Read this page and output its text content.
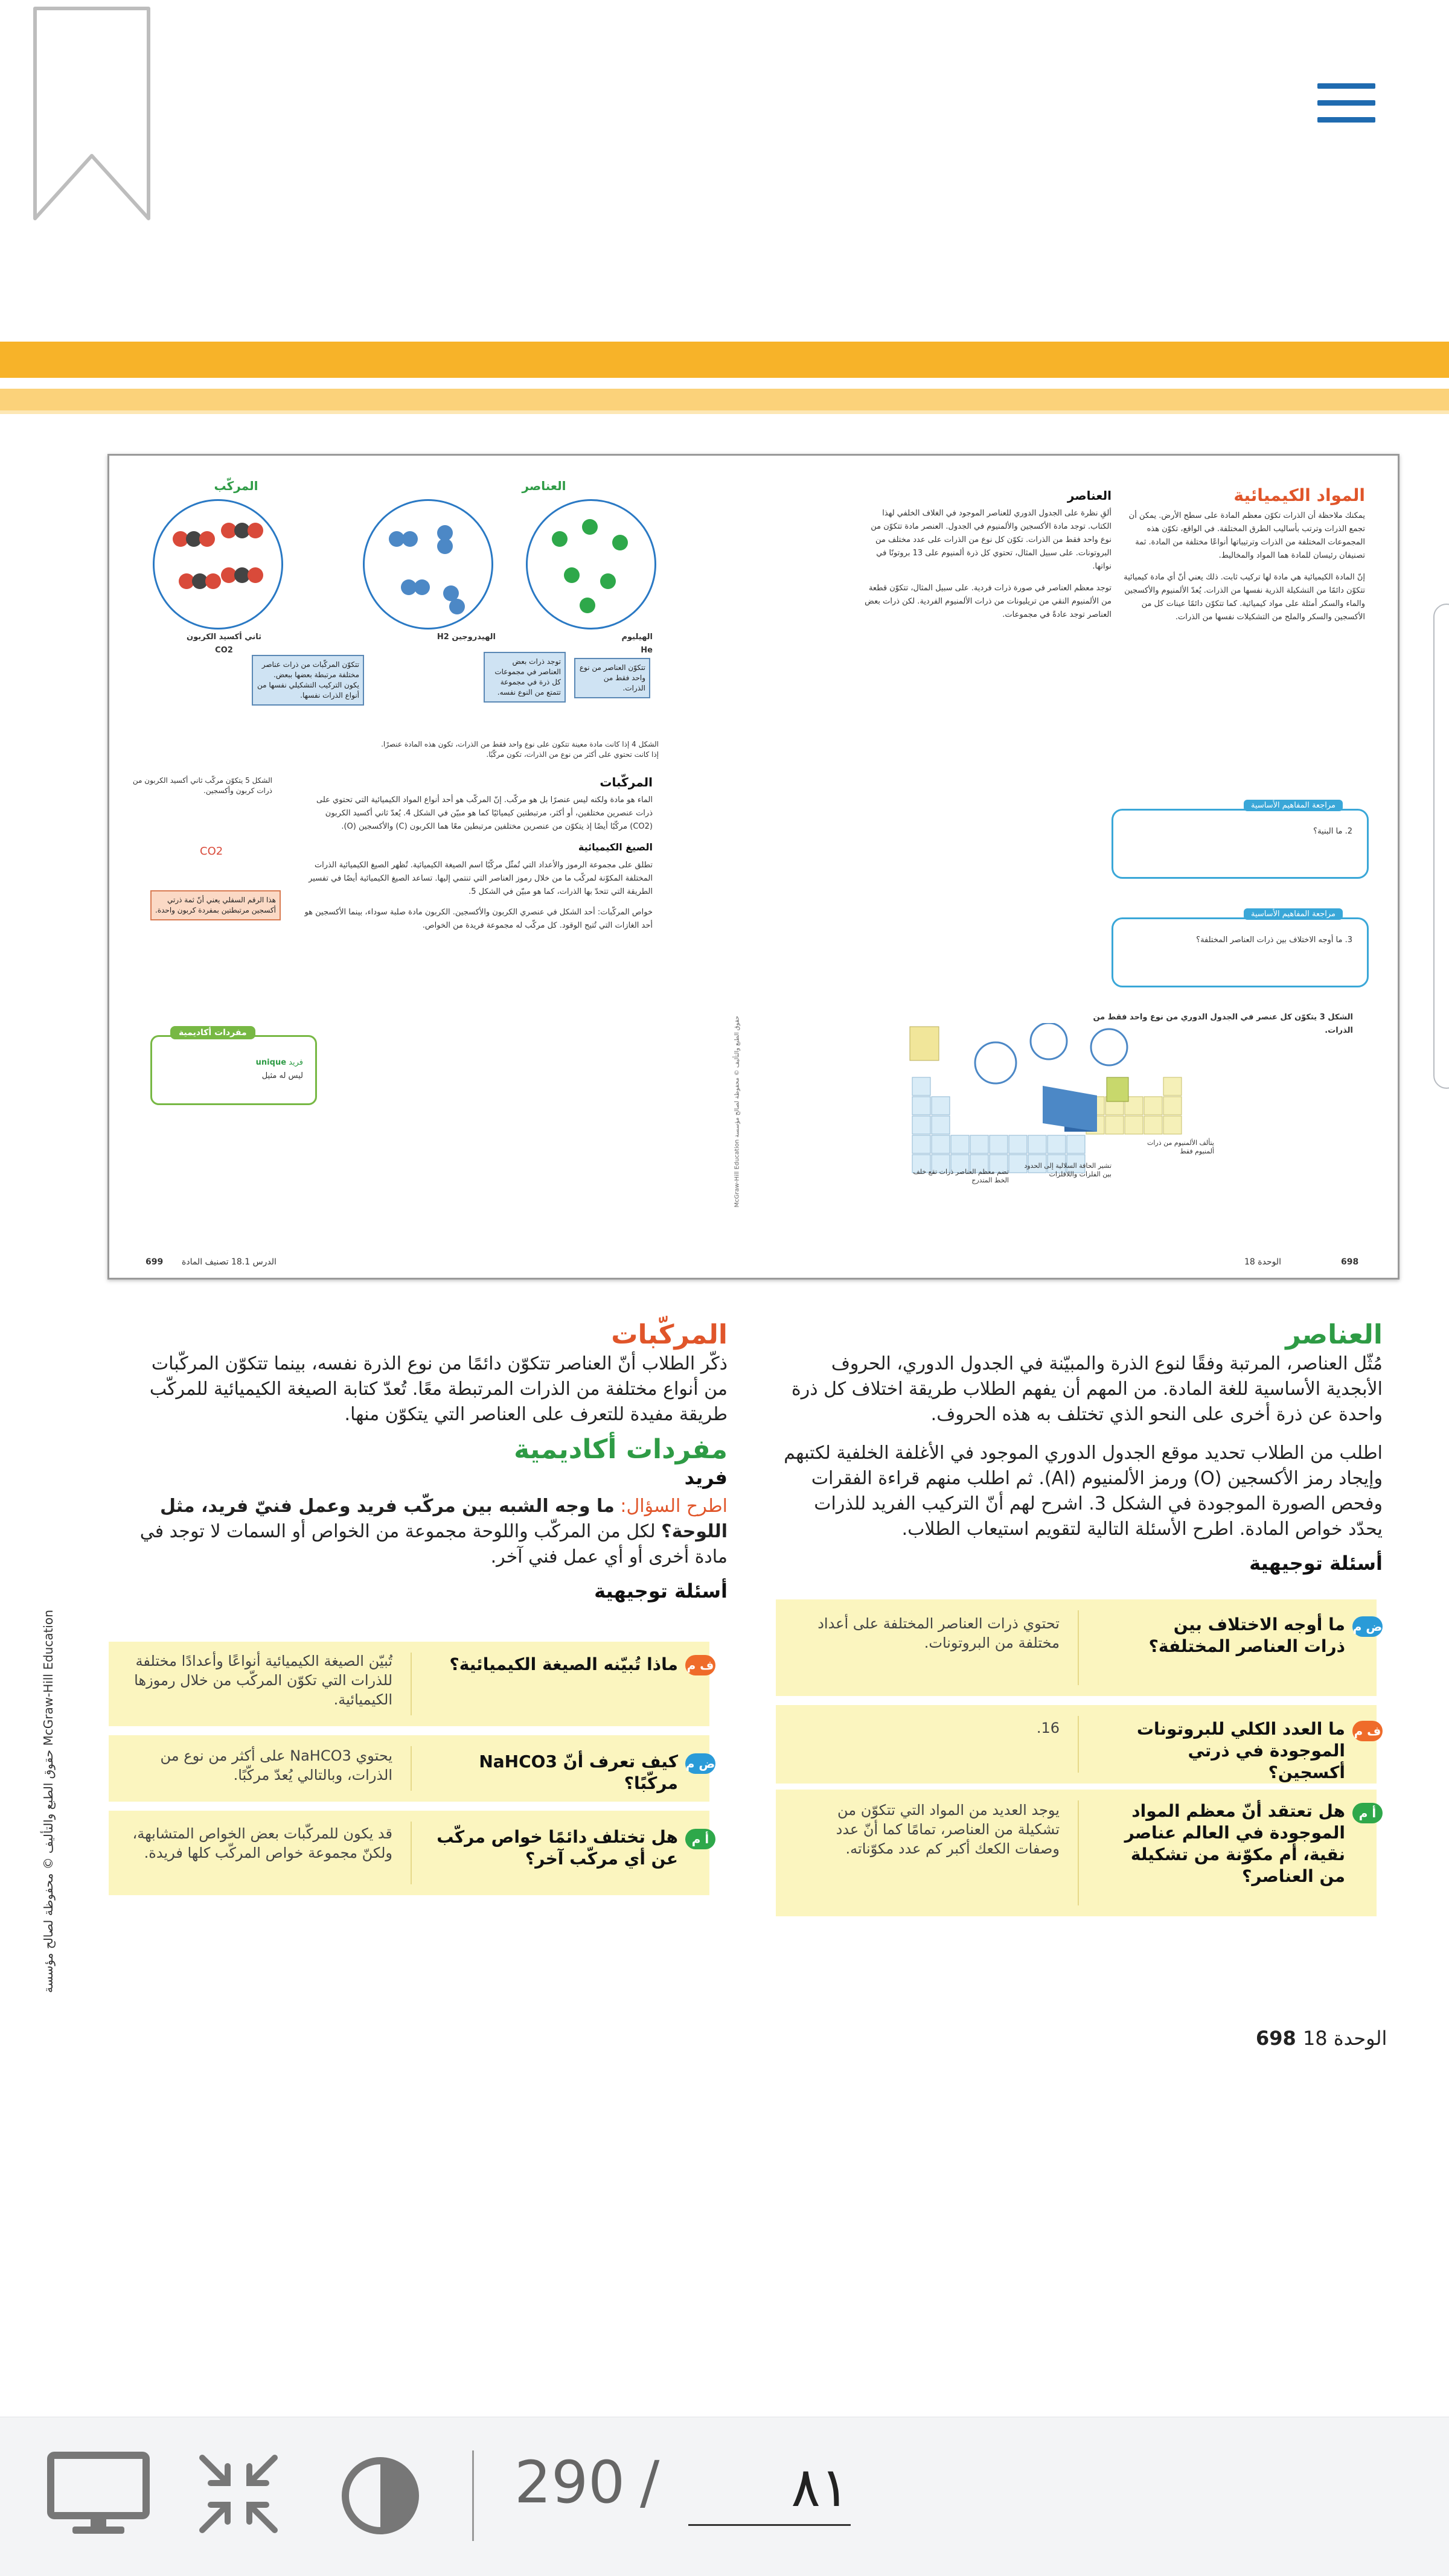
المواد الكيميائية
يمكنك ملاحظة أن الذرات تكوّن معظم المادة على سطح الأرض. يمكن أن تجمع الذرات وترتب بأساليب الطرق المختلفة. في الواقع، تكوّن هذه المجموعات المختلفة من الذرات وترتيباتها أنواعًا مختلفة من المادة. ثمة تصنيفان رئيسان للمادة هما المواد والمخاليط.
إنّ المادة الكيميائية هي مادة لها تركيب ثابت. ذلك يعني أنّ أي مادة كيميائية تتكوّن دائمًا من التشكيلة الذرية نفسها من الذرات. يُعدّ الألمنيوم والأكسجين والماء والسكر أمثلة على مواد كيميائية. كما تتكوّن دائمًا عينات كل من الأكسجين والسكر والملح من التشكيلات نفسها من الذرات.
العناصر
ألقِ نظرة على الجدول الدوري للعناصر الموجود في الغلاف الخلفي لهذا الكتاب. توجد مادة الأكسجين والألمنيوم في الجدول. العنصر مادة تتكوّن من نوع واحد فقط من الذرات. تكوّن كل نوع من الذرات على عدد مختلف من البروتونات. على سبيل المثال، تحتوي كل ذرة ألمنيوم على 13 بروتونًا في نواتها.
توجد معظم العناصر في صورة ذرات فردية. على سبيل المثال، تتكوّن قطعة من الألمنيوم النقي من تريليونات من ذرات الألمنيوم الفردية. لكن ذرات بعض العناصر توجد عادةً في مجموعات.
مراجعة المفاهيم الأساسية
2. ما البنية؟
مراجعة المفاهيم الأساسية
3. ما أوجه الاختلاف بين ذرات العناصر المختلفة؟
الشكل 3 يتكوّن كل عنصر في الجدول الدوري من نوع واحد فقط من الذرات.
يتألف الألمنيوم من ذرات ألمنيوم فقط
تشير الحافة السلالية إلى الحدود بين الفلزات واللافلزات
تضم معظم العناصر ذرات تقع خلف الخط المتدرج
الوحدة 18	698
العناصر
المركّب
الهيليوم
He
الهيدروجين H2
ثاني أكسيد الكربون
CO2
تتكوّن العناصر من نوع واحد فقط من الذرات.
توجد ذرات بعض العناصر في مجموعات كل ذرة في مجموعة تتمتع من النوع نفسه.
تتكوّن المركّبات من ذرات عناصر مختلفة مرتبطة بعضها ببعض. يكون التركيب التشكيلي نفسها من أنواع الذرات نفسها.
الشكل 4 إذا كانت مادة معينة تتكون على نوع واحد فقط من الذرات، تكون هذه المادة عنصرًا. إذا كانت تحتوي على أكثر من نوع من الذرات، تكون مركّبًا.
المركّبات
الماء هو مادة ولكنه ليس عنصرًا بل هو مركّب. إنّ المركّب هو أحد أنواع المواد الكيميائية التي تحتوي على ذرات عنصرين مختلفين، أو أكثر، مرتبطتين كيميائيًا كما هو مبيّن في الشكل 4. يُعدّ ثاني أكسيد الكربون (CO2) مركّبًا أيضًا إذ يتكوّن من عنصرين مختلفين مرتبطين معًا هما الكربون (C) والأكسجين (O).
الصيغ الكيميائية
تطلق على مجموعة الرموز والأعداد التي تُمثّل مركّبًا اسم الصيغة الكيميائية. تُظهر الصيغ الكيميائية الذرات المختلفة المكوّنة لمركّب ما من خلال رموز العناصر التي تنتمي إليها. تساعد الصيغ الكيميائية أيضًا في تفسير الطريقة التي تتحدّ بها الذرات، كما هو مبيّن في الشكل 5.
خواص المركّبات: أحد الشكل في عنصري الكربون والأكسجين. الكربون مادة صلبة سوداء، بينما الأكسجين هو أحد الغازات التي تُتيح الوقود. كل مركّب له مجموعة فريدة من الخواص.
الشكل 5 يتكوّن مركّب ثاني أكسيد الكربون من ذرات كربون وأكسجين.
CO2
هذا الرقم السفلي يعني أنّ ثمة ذرتي أكسجين مرتبطتين بمفردة كربون واحدة.
مفردات أكاديمية
فريد unique
ليس له مثيل
McGraw-Hill Education حقوق الطبع والتأليف © محفوظة لصالح مؤسسة
699 الدرس 18.1 تصنيف المادة
العناصر

مُثّل العناصر، المرتبة وفقًا لنوع الذرة والمبيّنة في الجدول الدوري، الحروف الأبجدية الأساسية للغة المادة. من المهم أن يفهم الطلاب طريقة اختلاف كل ذرة واحدة عن ذرة أخرى على النحو الذي تختلف به هذه الحروف.

اطلب من الطلاب تحديد موقع الجدول الدوري الموجود في الأغلفة الخلفية لكتبهم وإيجاد رمز الأكسجين (O) ورمز الألمنيوم (Al). ثم اطلب منهم قراءة الفقرات وفحص الصورة الموجودة في الشكل 3. اشرح لهم أنّ التركيب الفريد للذرات يحدّد خواص المادة. اطرح الأسئلة التالية لتقويم استيعاب الطلاب.

أسئلة توجيهية
ض م
ما أوجه الاختلاف بين ذرات العناصر المختلفة؟
تحتوي ذرات العناصر المختلفة على أعداد مختلفة من البروتونات.
ف م
ما العدد الكلي للبروتونات الموجودة في ذرتي أكسجين؟
16.
أ م
هل تعتقد أنّ معظم المواد الموجودة في العالم عناصر نقية، أم مكوّنة من تشكيلة من العناصر؟
يوجد العديد من المواد التي تتكوّن من تشكيلة من العناصر، تمامًا كما أنّ عدد وصفات الكعك أكبر كم عدد مكوّناته.
المركّبات

ذكّر الطلاب أنّ العناصر تتكوّن دائمًا من نوع الذرة نفسه، بينما تتكوّن المركّبات من أنواع مختلفة من الذرات المرتبطة معًا. تُعدّ كتابة الصيغة الكيميائية للمركّب طريقة مفيدة للتعرف على العناصر التي يتكوّن منها.

مفردات أكاديمية
فريد

اطرح السؤال: ما وجه الشبه بين مركّب فريد وعمل فنيّ فريد، مثل اللوحة؟ لكل من المركّب واللوحة مجموعة من الخواص أو السمات لا توجد في مادة أخرى أو أي عمل فني آخر.

أسئلة توجيهية
ف م
ماذا تُبيّنه الصيغة الكيميائية؟
تُبيّن الصيغة الكيميائية أنواعًا وأعدادًا مختلفة للذرات التي تكوّن المركّب من خلال رموزها الكيميائية.
ض م
كيف تعرف أنّ NaHCO3 مركّبًا؟
يحتوي NaHCO3 على أكثر من نوع من الذرات، وبالتالي يُعدّ مركّبًا.
أ م
هل تختلف دائمًا خواص مركّب عن أي مركّب آخر؟
قد يكون للمركّبات بعض الخواص المتشابهة، ولكنّ مجموعة خواص المركّب كلها فريدة.
حقوق الطبع والتأليف © محفوظة لصالح مؤسسة McGraw-Hill Education
الوحدة 18 698
290 /
٨١
